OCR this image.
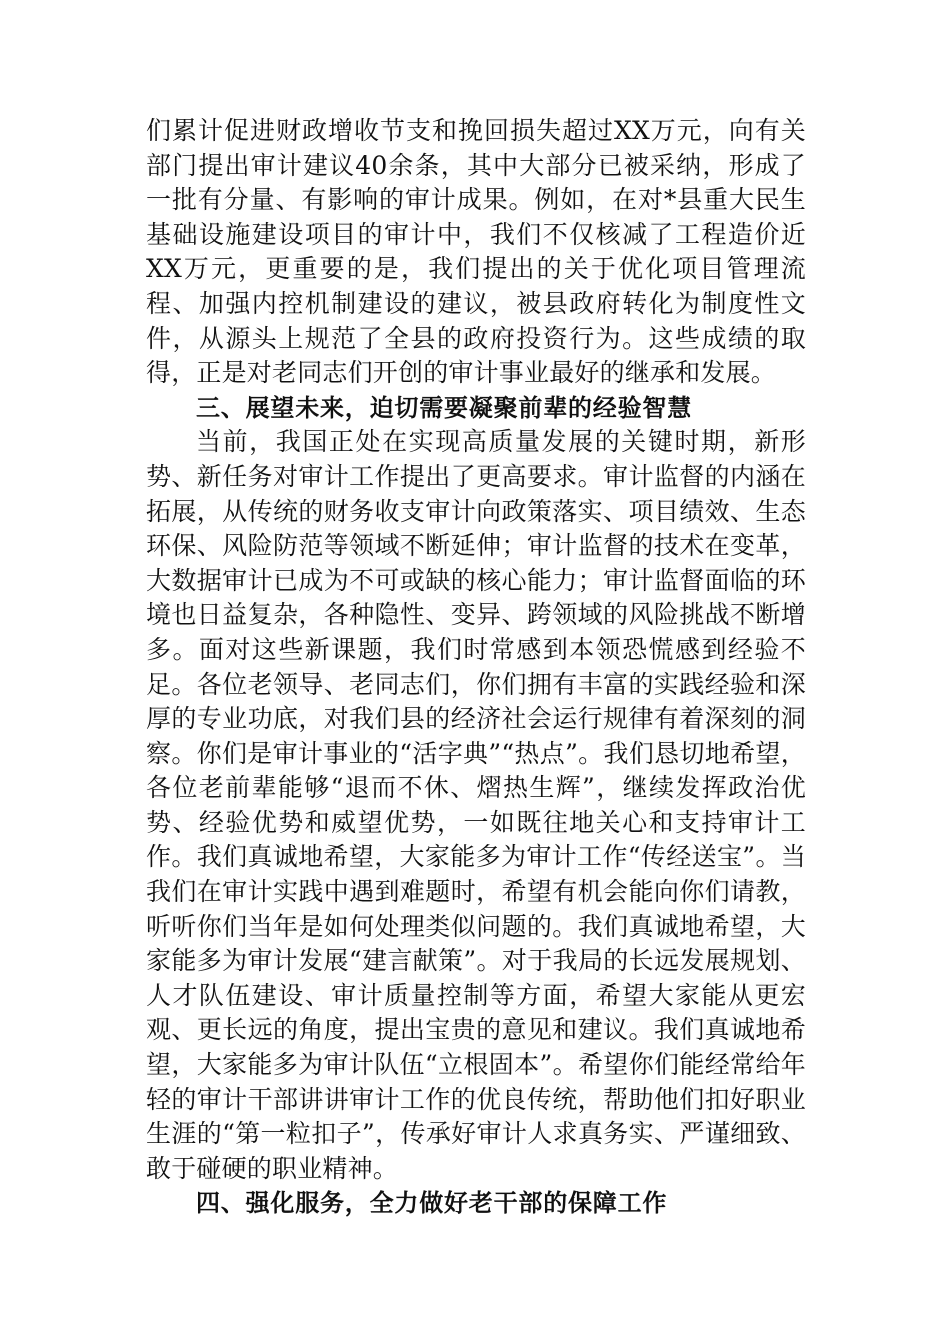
们累计促进财政增收节支和挽回损失超过XX万元，向有关部门提出审计建议40余条，其中大部分已被采纳，形成了一批有分量、有影响的审计成果。例如，在对*县重大民生基础设施建设项目的审计中，我们不仅核减了工程造价近XX万元，更重要的是，我们提出的关于优化项目管理流程、加强内控机制建设的建议，被县政府转化为制度性文件，从源头上规范了全县的政府投资行为。这些成绩的取得，正是对老同志们开创的审计事业最好的继承和发展。

三、展望未来，迫切需要凝聚前辈的经验智慧

当前，我国正处在实现高质量发展的关键时期，新形势、新任务对审计工作提出了更高要求。审计监督的内涵在拓展，从传统的财务收支审计向政策落实、项目绩效、生态环保、风险防范等领域不断延伸；审计监督的技术在变革，大数据审计已成为不可或缺的核心能力；审计监督面临的环境也日益复杂，各种隐性、变异、跨领域的风险挑战不断增多。面对这些新课题，我们时常感到本领恐慌感到经验不足。各位老领导、老同志们，你们拥有丰富的实践经验和深厚的专业功底，对我们县的经济社会运行规律有着深刻的洞察。你们是审计事业的“活字典”“热点”。我们恳切地希望，各位老前辈能够“退而不休、熠热生辉”，继续发挥政治优势、经验优势和威望优势，一如既往地关心和支持审计工作。我们真诚地希望，大家能多为审计工作“传经送宝”。当我们在审计实践中遇到难题时，希望有机会能向你们请教，听听你们当年是如何处理类似问题的。我们真诚地希望，大家能多为审计发展“建言献策”。对于我局的长远发展规划、人才队伍建设、审计质量控制等方面，希望大家能从更宏观、更长远的角度，提出宝贵的意见和建议。我们真诚地希望，大家能多为审计队伍“立根固本”。希望你们能经常给年轻的审计干部讲讲审计工作的优良传统，帮助他们扣好职业生涯的“第一粒扣子”，传承好审计人求真务实、严谨细致、敢于碰硬的职业精神。

四、强化服务，全力做好老干部的保障工作
